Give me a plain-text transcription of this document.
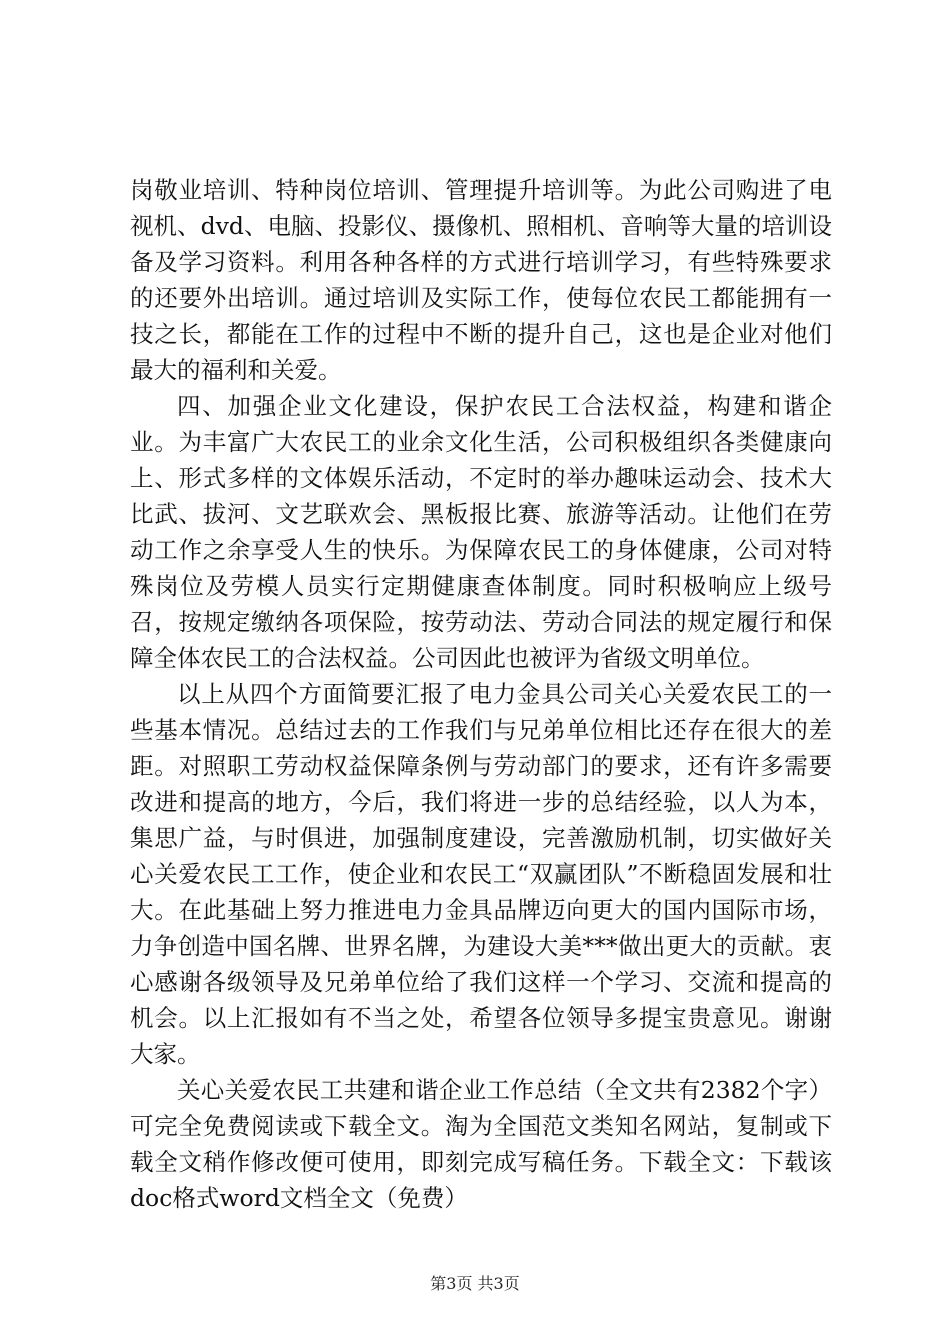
岗敬业培训、特种岗位培训、管理提升培训等。为此公司购进了电视机、dvd、电脑、投影仪、摄像机、照相机、音响等大量的培训设备及学习资料。利用各种各样的方式进行培训学习，有些特殊要求的还要外出培训。通过培训及实际工作，使每位农民工都能拥有一技之长，都能在工作的过程中不断的提升自己，这也是企业对他们最大的福利和关爱。

四、加强企业文化建设，保护农民工合法权益，构建和谐企业。为丰富广大农民工的业余文化生活，公司积极组织各类健康向上、形式多样的文体娱乐活动，不定时的举办趣味运动会、技术大比武、拔河、文艺联欢会、黑板报比赛、旅游等活动。让他们在劳动工作之余享受人生的快乐。为保障农民工的身体健康，公司对特殊岗位及劳模人员实行定期健康查体制度。同时积极响应上级号召，按规定缴纳各项保险，按劳动法、劳动合同法的规定履行和保障全体农民工的合法权益。公司因此也被评为省级文明单位。

以上从四个方面简要汇报了电力金具公司关心关爱农民工的一些基本情况。总结过去的工作我们与兄弟单位相比还存在很大的差距。对照职工劳动权益保障条例与劳动部门的要求，还有许多需要改进和提高的地方，今后，我们将进一步的总结经验，以人为本，集思广益，与时俱进，加强制度建设，完善激励机制，切实做好关心关爱农民工工作，使企业和农民工“双赢团队”不断稳固发展和壮大。在此基础上努力推进电力金具品牌迈向更大的国内国际市场，力争创造中国名牌、世界名牌，为建设大美***做出更大的贡献。衷心感谢各级领导及兄弟单位给了我们这样一个学习、交流和提高的机会。以上汇报如有不当之处，希望各位领导多提宝贵意见。谢谢大家。

关心关爱农民工共建和谐企业工作总结（全文共有2382个字）可完全免费阅读或下载全文。淘为全国范文类知名网站，复制或下载全文稍作修改便可使用，即刻完成写稿任务。下载全文：下载该doc格式word文档全文（免费）

第3页 共3页
